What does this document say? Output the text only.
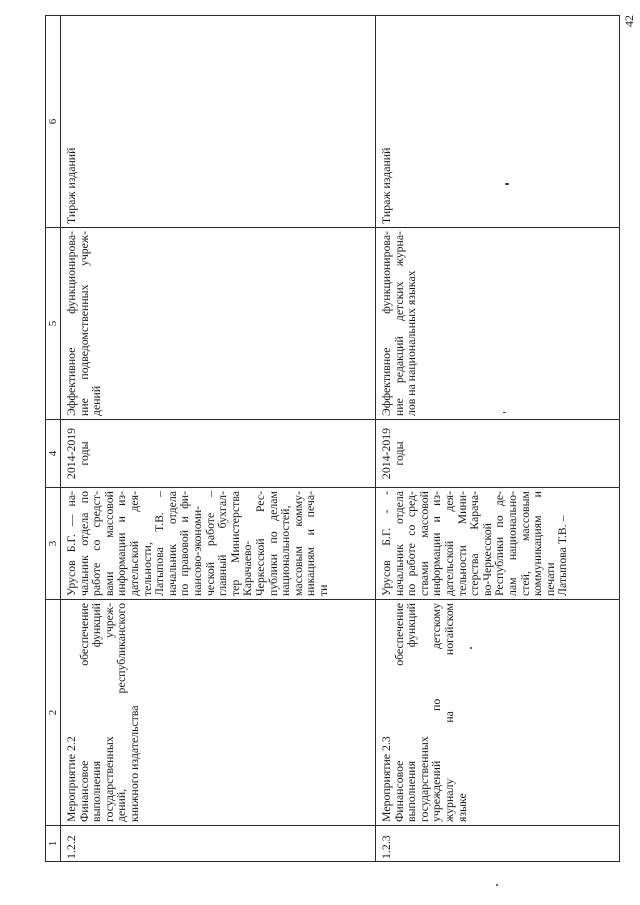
1
2
3
4
5
6
1.2.2
Мероприятие 2.2
Финансовое обеспечение
выполнения функций
государственных учреж-
дений, республиканского
книжного издательства
Урусов Б.Г. — на-
чальник отдела по
работе со средст-
вами массовой
информации и из-
дательской дея-
тельности,
Латыпова Т.В. –
начальник отдела
по правовой и фи-
нансово-экономи-
ческой работе –
главный бухгал-
тер Министерства
Карачаево-
Черкесской Рес-
публики по делам
национальностей,
массовым комму-
никациям и печа-
ти
2014-2019
годы
Эффективное функционирова-
ние подведомственных учреж-
дений
Тираж изданий
1.2.3
Мероприятие 2.3
Финансовое обеспечение
выполнения функций
государственных
учреждений по детскому
журналу на ногайском
языке
Урусов Б.Г. - -
начальник отдела
по работе со сред-
ствами массовой
информации и из-
дательской дея-
тельности Мини-
стерства Карача-
во-Черкесской
Республики по де-
лам национально-
стей, массовым
коммуникациям и
печати
Латыпова Т.В. –
2014-2019
годы
Эффективное функционирова-
ние редакций детских журна-
лов на национальных языках
Тираж изданий
42
